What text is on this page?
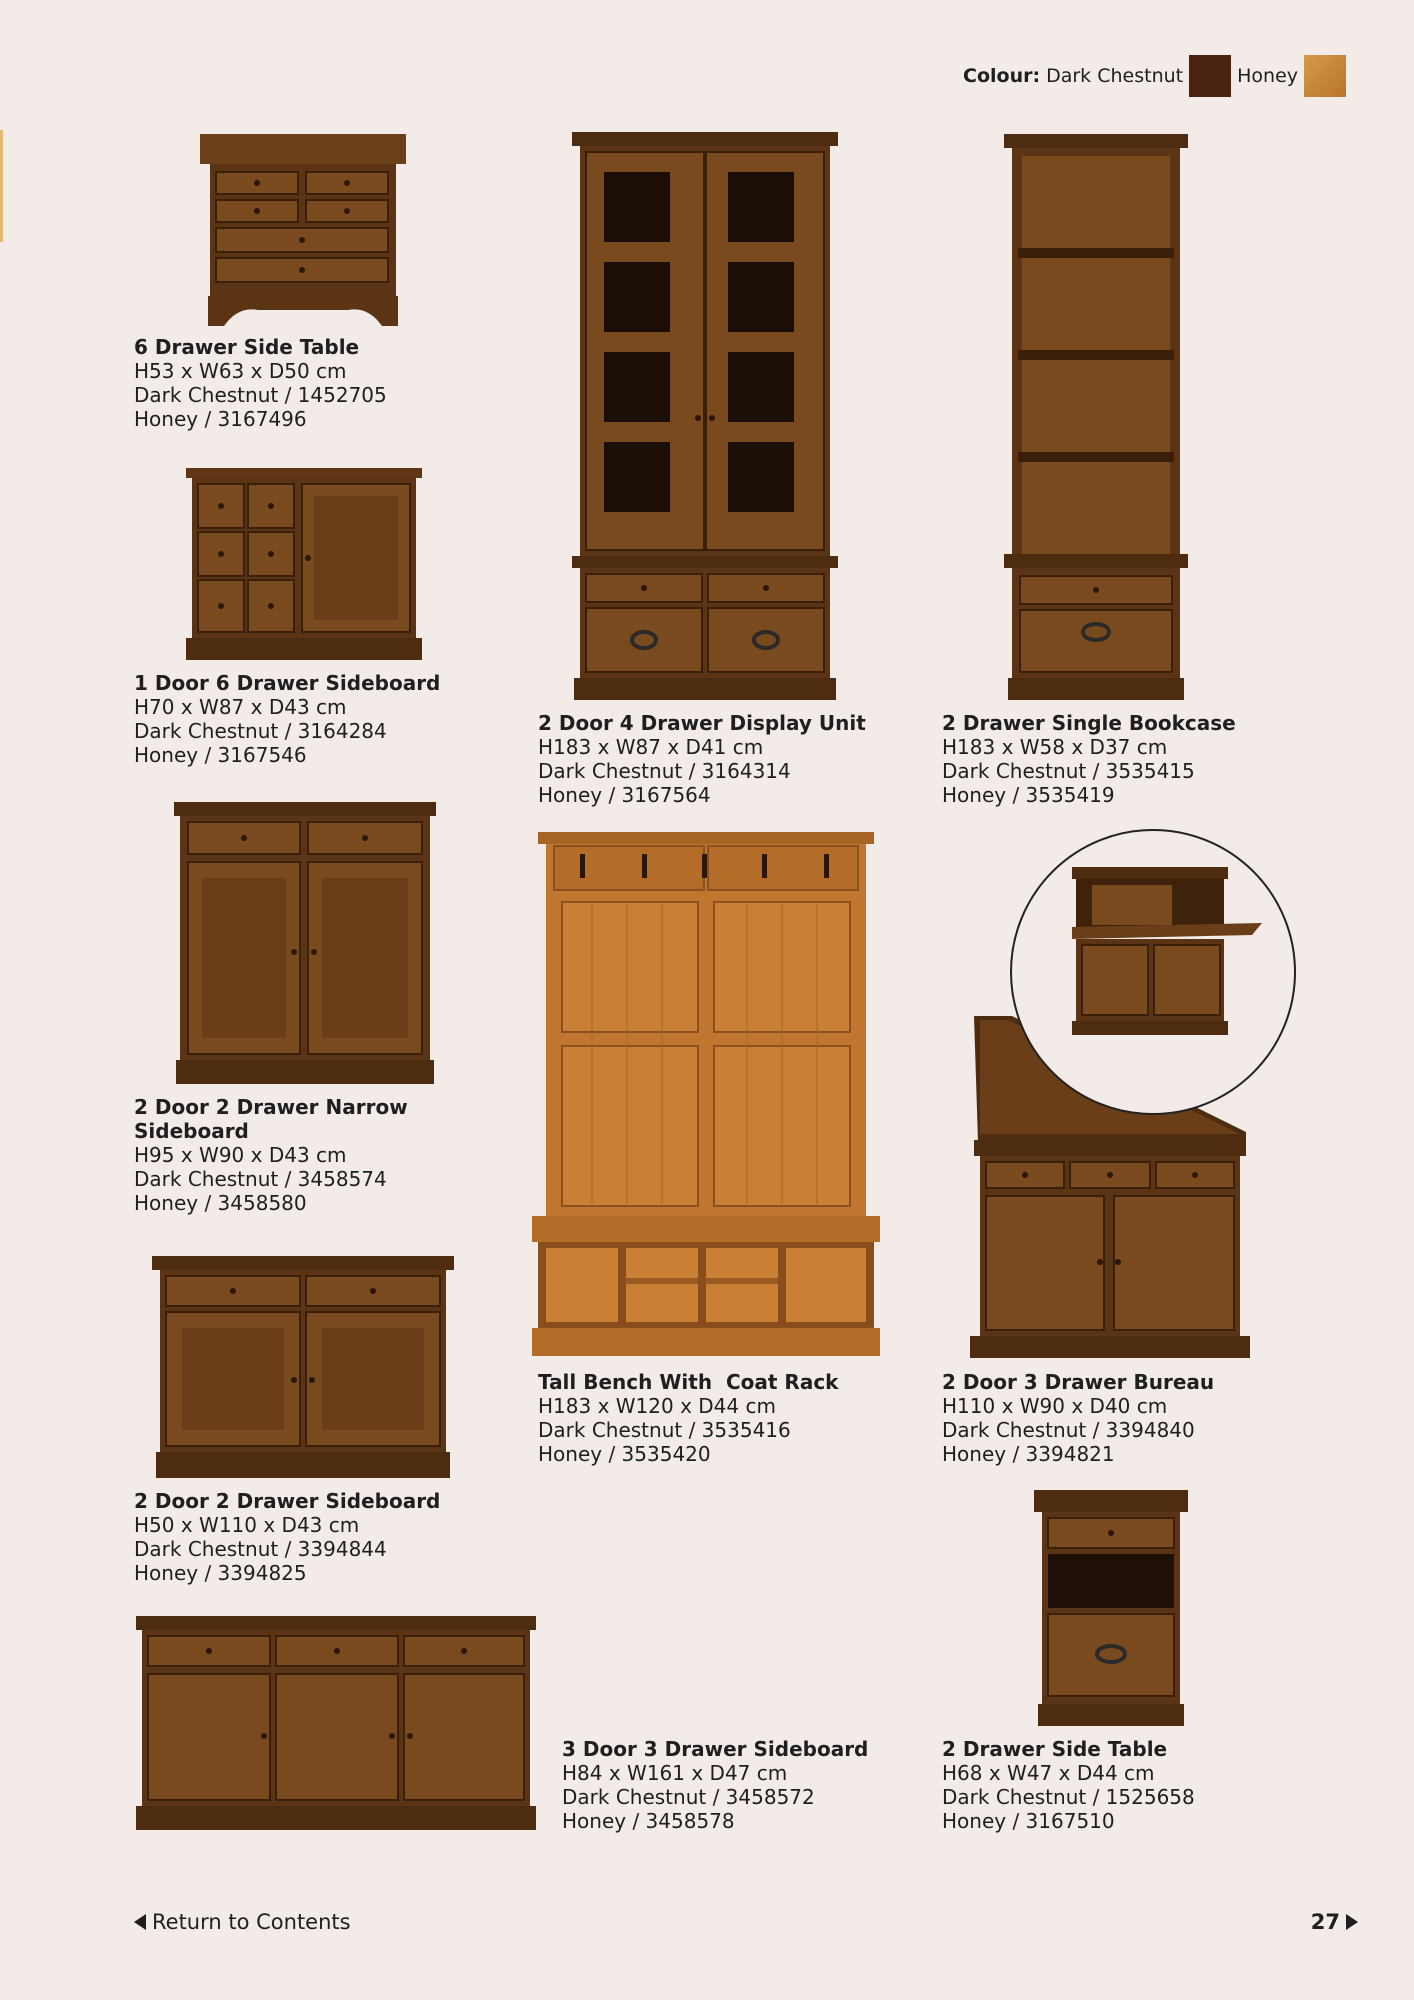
Colour: Dark Chestnut	Honey
6 Drawer Side Table
H53 x W63 x D50 cm
Dark Chestnut / 1452705
Honey / 3167496
1 Door 6 Drawer Sideboard
H70 x W87 x D43 cm
Dark Chestnut / 3164284
Honey / 3167546
2 Door 4 Drawer Display Unit
H183 x W87 x D41 cm
Dark Chestnut / 3164314
Honey / 3167564
2 Drawer Single Bookcase
H183 x W58 x D37 cm
Dark Chestnut / 3535415
Honey / 3535419
2 Door 2 Drawer Narrow
Sideboard
H95 x W90 x D43 cm
Dark Chestnut / 3458574
Honey / 3458580
Tall Bench With  Coat Rack
H183 x W120 x D44 cm
Dark Chestnut / 3535416
Honey / 3535420
2 Door 3 Drawer Bureau
H110 x W90 x D40 cm
Dark Chestnut / 3394840
Honey / 3394821
2 Door 2 Drawer Sideboard
H50 x W110 x D43 cm
Dark Chestnut / 3394844
Honey / 3394825
3 Door 3 Drawer Sideboard
H84 x W161 x D47 cm
Dark Chestnut / 3458572
Honey / 3458578
2 Drawer Side Table
H68 x W47 x D44 cm
Dark Chestnut / 1525658
Honey / 3167510
Return to Contents	27
